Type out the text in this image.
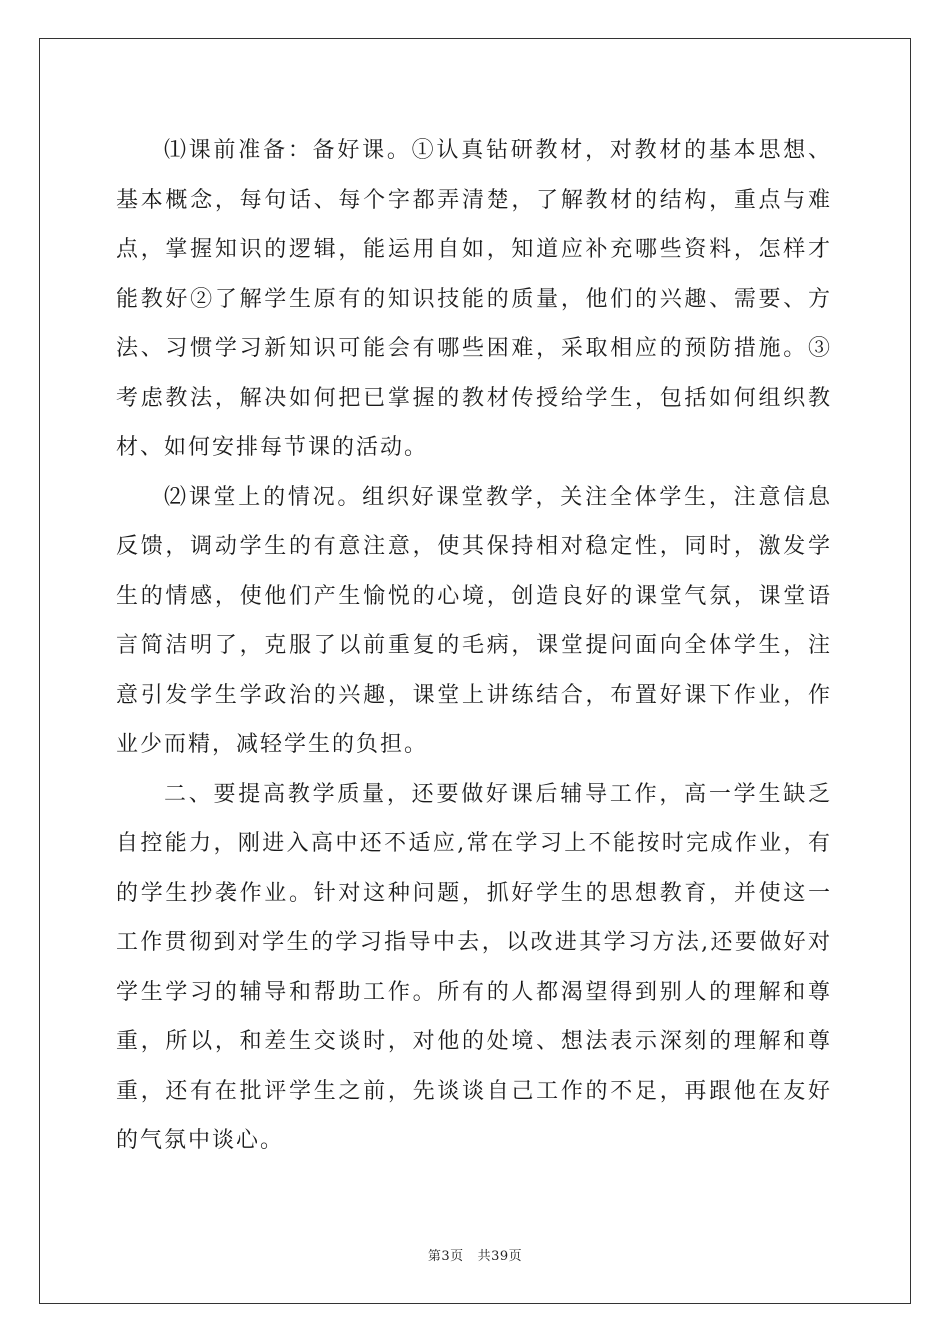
⑴课前准备：备好课。①认真钻研教材，对教材的基本思想、基本概念，每句话、每个字都弄清楚，了解教材的结构，重点与难点，掌握知识的逻辑，能运用自如，知道应补充哪些资料，怎样才能教好②了解学生原有的知识技能的质量，他们的兴趣、需要、方法、习惯学习新知识可能会有哪些困难，采取相应的预防措施。③考虑教法，解决如何把已掌握的教材传授给学生，包括如何组织教材、如何安排每节课的活动。

⑵课堂上的情况。组织好课堂教学，关注全体学生，注意信息反馈，调动学生的有意注意，使其保持相对稳定性，同时，激发学生的情感，使他们产生愉悦的心境，创造良好的课堂气氛，课堂语言简洁明了，克服了以前重复的毛病，课堂提问面向全体学生，注意引发学生学政治的兴趣，课堂上讲练结合，布置好课下作业，作业少而精，减轻学生的负担。

二、要提高教学质量，还要做好课后辅导工作，高一学生缺乏自控能力，刚进入高中还不适应,常在学习上不能按时完成作业，有的学生抄袭作业。针对这种问题，抓好学生的思想教育，并使这一工作贯彻到对学生的学习指导中去，以改进其学习方法,还要做好对学生学习的辅导和帮助工作。所有的人都渴望得到别人的理解和尊重，所以，和差生交谈时，对他的处境、想法表示深刻的理解和尊重，还有在批评学生之前，先谈谈自己工作的不足，再跟他在友好的气氛中谈心。

第3页 共39页
